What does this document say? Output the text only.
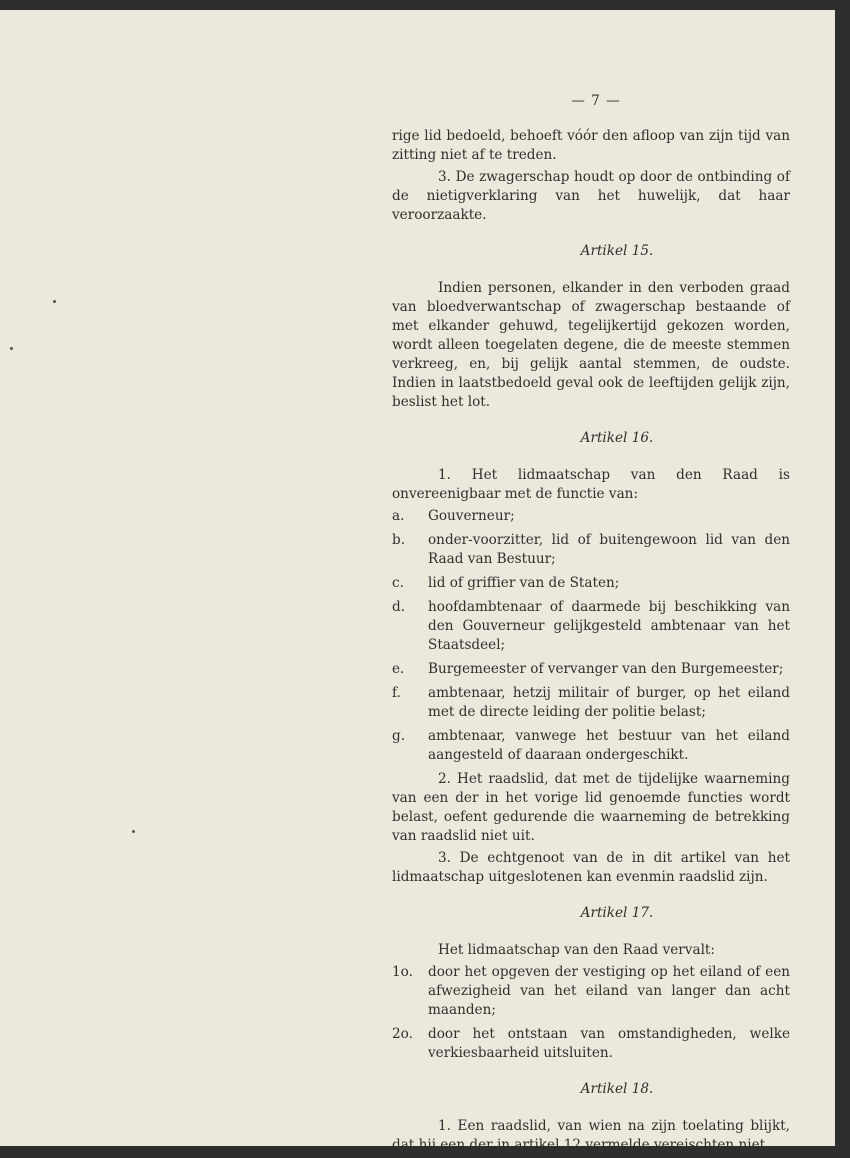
— 7 —

rige lid bedoeld, behoeft vóór den afloop van zijn tijd van zitting niet af te treden.

3. De zwagerschap houdt op door de ontbinding of de nietigverklaring van het huwelijk, dat haar veroorzaakte.

Artikel 15.

Indien personen, elkander in den verboden graad van bloedverwantschap of zwagerschap bestaande of met elkander gehuwd, tegelijkertijd gekozen worden, wordt alleen toegelaten degene, die de meeste stemmen verkreeg, en, bij gelijk aantal stemmen, de oudste. Indien in laatstbedoeld geval ook de leeftijden gelijk zijn, beslist het lot.

Artikel 16.

1. Het lidmaatschap van den Raad is onvereenigbaar met de functie van:

a.	Gouverneur;
b.	onder-voorzitter, lid of buitengewoon lid van den Raad van Bestuur;
c.	lid of griffier van de Staten;
d.	hoofdambtenaar of daarmede bij beschikking van den Gouverneur gelijkgesteld ambtenaar van het Staatsdeel;
e.	Burgemeester of vervanger van den Burgemeester;
f.	ambtenaar, hetzij militair of burger, op het eiland met de directe leiding der politie belast;
g.	ambtenaar, vanwege het bestuur van het eiland aangesteld of daaraan ondergeschikt.

2. Het raadslid, dat met de tijdelijke waarneming van een der in het vorige lid genoemde functies wordt belast, oefent gedurende die waarneming de betrekking van raadslid niet uit.

3. De echtgenoot van de in dit artikel van het lidmaatschap uitgeslotenen kan evenmin raadslid zijn.

Artikel 17.

Het lidmaatschap van den Raad vervalt:

1o.	door het opgeven der vestiging op het eiland of een afwezigheid van het eiland van langer dan acht maanden;
2o.	door het ontstaan van omstandigheden, welke verkiesbaarheid uitsluiten.
Artikel 18.

1. Een raadslid, van wien na zijn toelating blijkt, dat hij een der in artikel 12 vermelde vereischten niet
